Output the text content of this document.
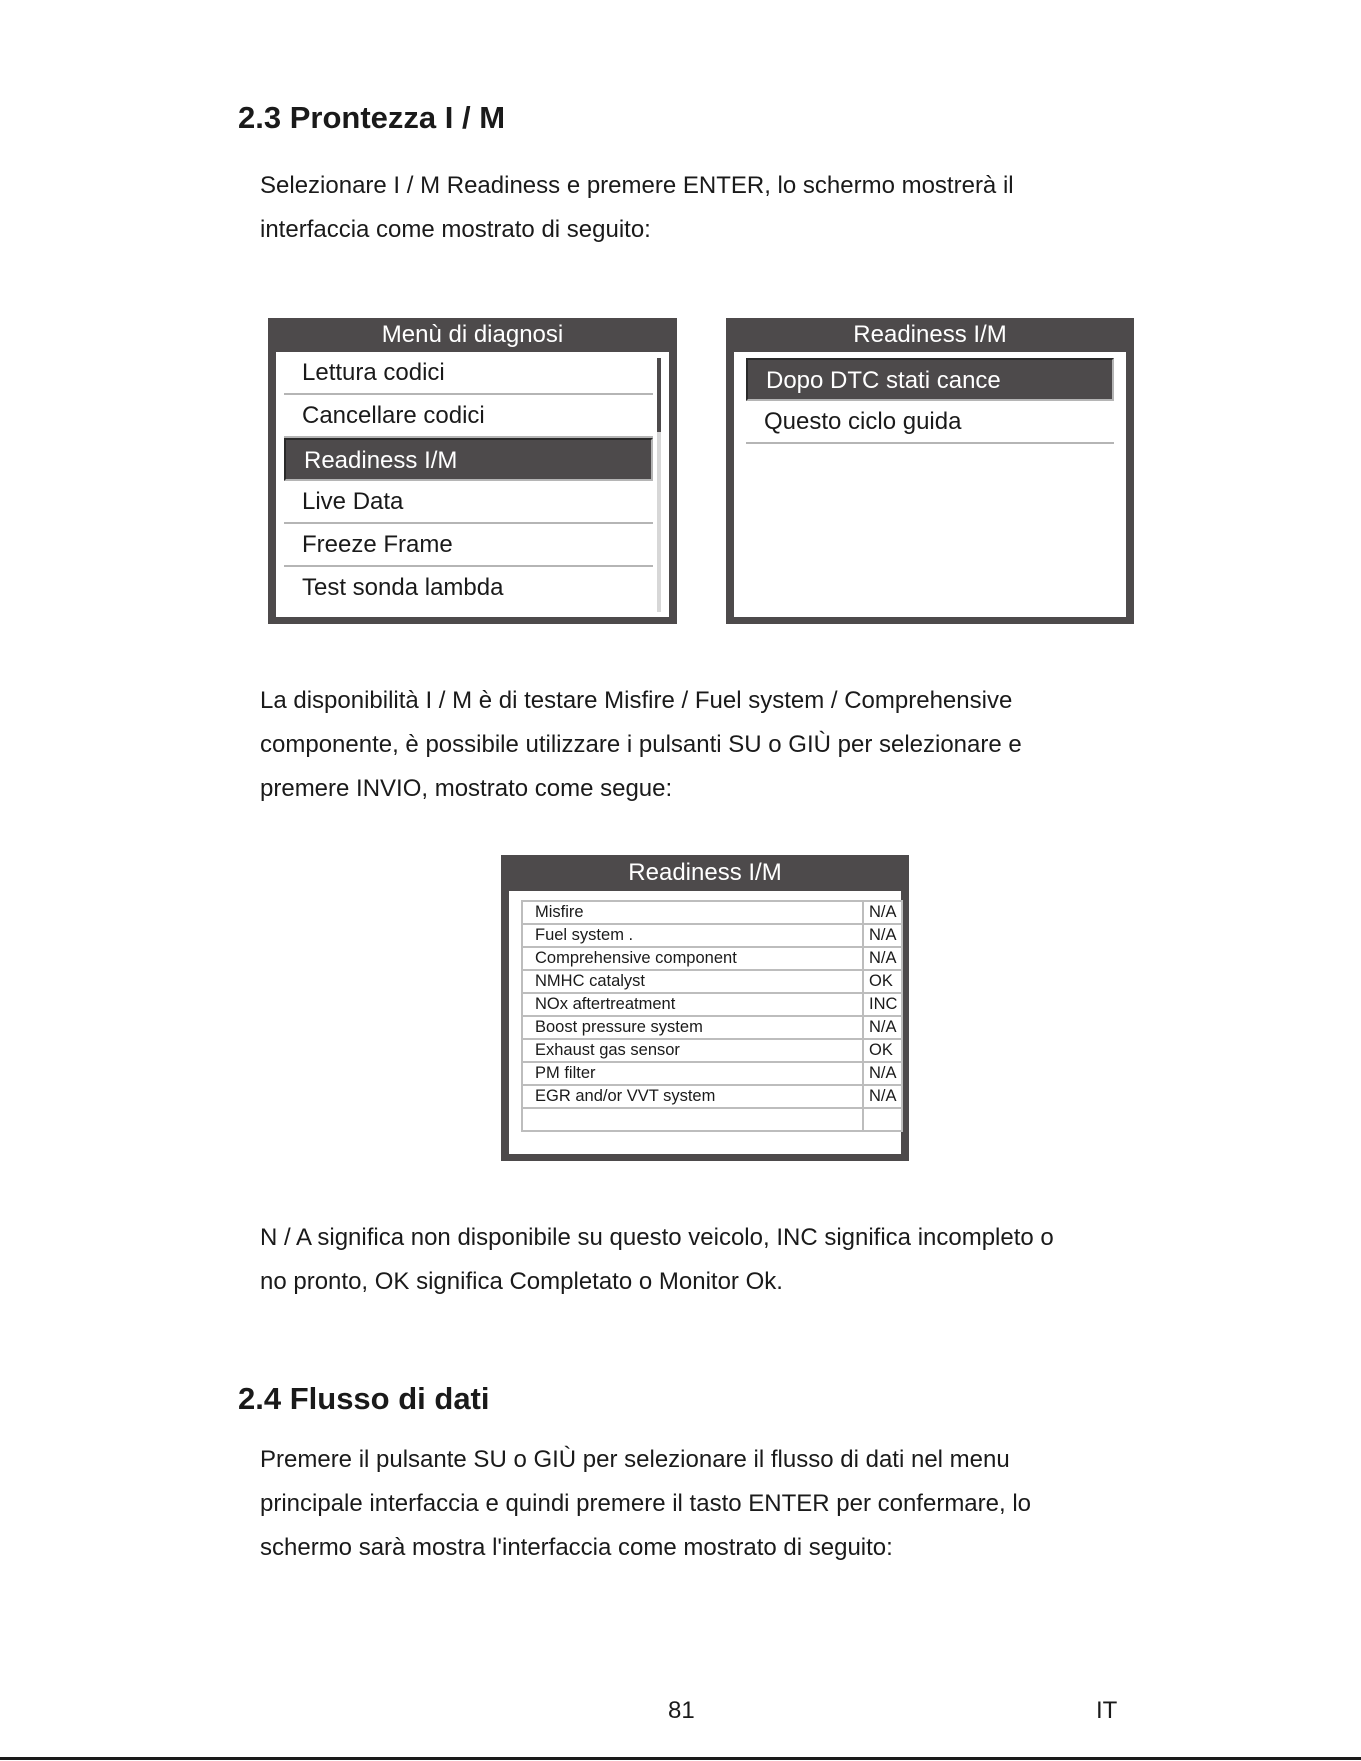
2.3 Prontezza I / M
Selezionare I / M Readiness e premere ENTER, lo schermo mostrerà il
interfaccia come mostrato di seguito:
Menù di diagnosi
Lettura codici
Cancellare codici
Readiness I/M
Live Data
Freeze Frame
Test sonda lambda
Readiness I/M
Dopo DTC stati cance
Questo ciclo guida
La disponibilità I / M è di testare Misfire / Fuel system / Comprehensive
componente, è possibile utilizzare i pulsanti SU o GIÙ per selezionare e
premere INVIO, mostrato come segue:
Readiness I/M
Misfire	N/A
Fuel system .	N/A
Comprehensive component	N/A
NMHC catalyst	OK
NOx aftertreatment	INC
Boost pressure system	N/A
Exhaust gas sensor	OK
PM filter	N/A
EGR and/or VVT system	N/A

N / A significa non disponibile su questo veicolo, INC significa incompleto o
no pronto, OK significa Completato o Monitor Ok.
2.4 Flusso di dati
Premere il pulsante SU o GIÙ per selezionare il flusso di dati nel menu
principale interfaccia e quindi premere il tasto ENTER per confermare, lo
schermo sarà mostra l'interfaccia come mostrato di seguito:
81	IT
